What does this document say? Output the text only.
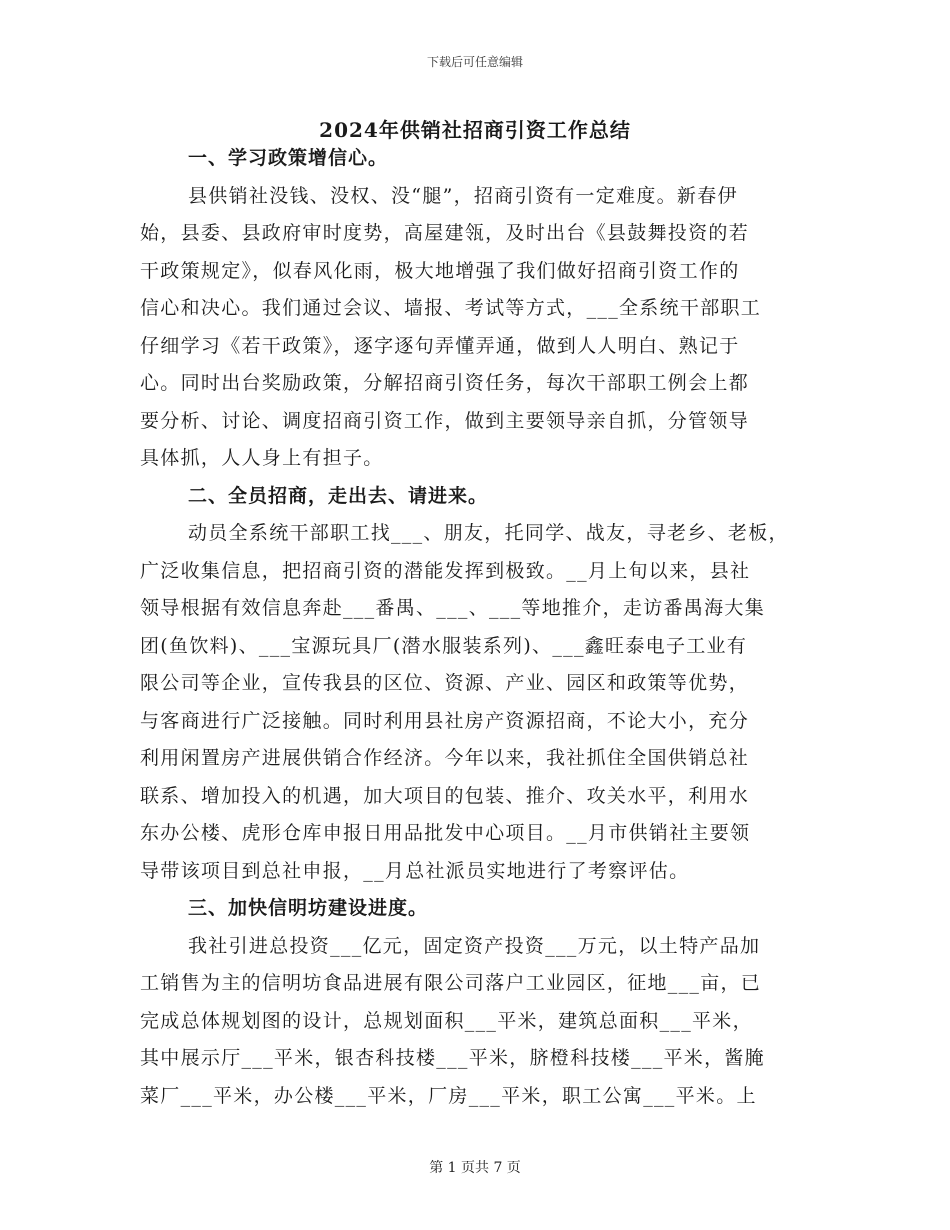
下载后可任意编辑
2024年供销社招商引资工作总结
一、学习政策增信心。
县供销社没钱、没权、没“腿”，招商引资有一定难度。新春伊
始，县委、县政府审时度势，高屋建瓴，及时出台《县鼓舞投资的若
干政策规定》，似春风化雨，极大地增强了我们做好招商引资工作的
信心和决心。我们通过会议、墙报、考试等方式，___全系统干部职工
仔细学习《若干政策》，逐字逐句弄懂弄通，做到人人明白、熟记于
心。同时出台奖励政策，分解招商引资任务，每次干部职工例会上都
要分析、讨论、调度招商引资工作，做到主要领导亲自抓，分管领导
具体抓，人人身上有担子。
二、全员招商，走出去、请进来。
动员全系统干部职工找___、朋友，托同学、战友，寻老乡、老板，
广泛收集信息，把招商引资的潜能发挥到极致。__月上旬以来，县社
领导根据有效信息奔赴___番禺、___、___等地推介，走访番禺海大集
团(鱼饮料)、___宝源玩具厂(潜水服装系列)、___鑫旺泰电子工业有
限公司等企业，宣传我县的区位、资源、产业、园区和政策等优势，
与客商进行广泛接触。同时利用县社房产资源招商，不论大小，充分
利用闲置房产进展供销合作经济。今年以来，我社抓住全国供销总社
联系、增加投入的机遇，加大项目的包装、推介、攻关水平，利用水
东办公楼、虎形仓库申报日用品批发中心项目。__月市供销社主要领
导带该项目到总社申报，__月总社派员实地进行了考察评估。
三、加快信明坊建设进度。
我社引进总投资___亿元，固定资产投资___万元，以土特产品加
工销售为主的信明坊食品进展有限公司落户工业园区，征地___亩，已
完成总体规划图的设计，总规划面积___平米，建筑总面积___平米，
其中展示厅___平米，银杏科技楼___平米，脐橙科技楼___平米，酱腌
菜厂___平米，办公楼___平米，厂房___平米，职工公寓___平米。上
第 1 页共 7 页
